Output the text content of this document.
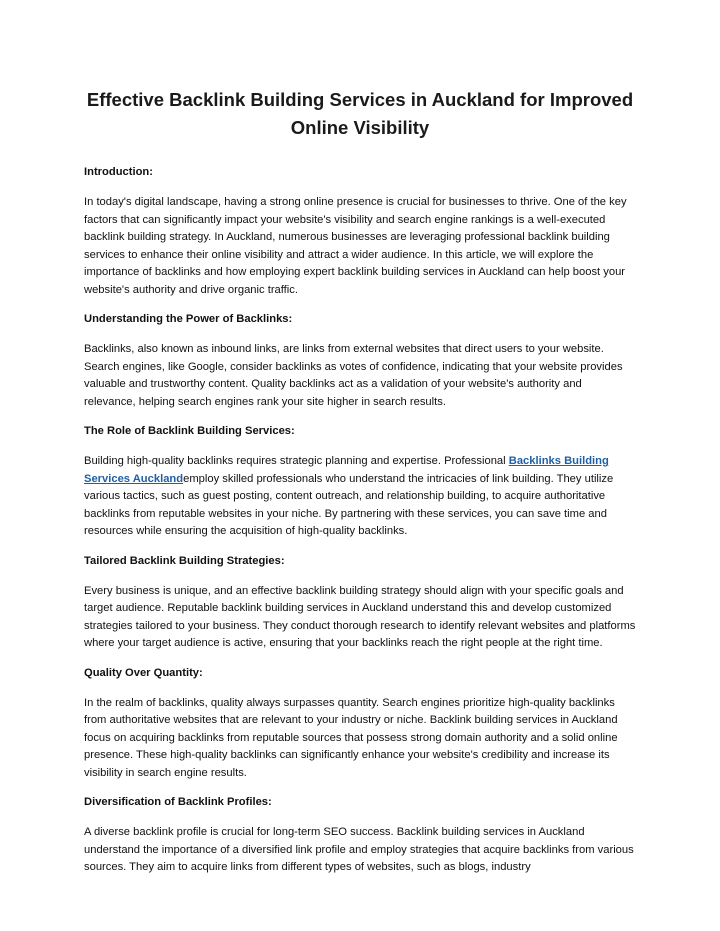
Effective Backlink Building Services in Auckland for Improved Online Visibility
Introduction:
In today's digital landscape, having a strong online presence is crucial for businesses to thrive. One of the key factors that can significantly impact your website's visibility and search engine rankings is a well-executed backlink building strategy. In Auckland, numerous businesses are leveraging professional backlink building services to enhance their online visibility and attract a wider audience. In this article, we will explore the importance of backlinks and how employing expert backlink building services in Auckland can help boost your website's authority and drive organic traffic.
Understanding the Power of Backlinks:
Backlinks, also known as inbound links, are links from external websites that direct users to your website. Search engines, like Google, consider backlinks as votes of confidence, indicating that your website provides valuable and trustworthy content. Quality backlinks act as a validation of your website's authority and relevance, helping search engines rank your site higher in search results.
The Role of Backlink Building Services:
Building high-quality backlinks requires strategic planning and expertise. Professional Backlinks Building Services Aucklandemploy skilled professionals who understand the intricacies of link building. They utilize various tactics, such as guest posting, content outreach, and relationship building, to acquire authoritative backlinks from reputable websites in your niche. By partnering with these services, you can save time and resources while ensuring the acquisition of high-quality backlinks.
Tailored Backlink Building Strategies:
Every business is unique, and an effective backlink building strategy should align with your specific goals and target audience. Reputable backlink building services in Auckland understand this and develop customized strategies tailored to your business. They conduct thorough research to identify relevant websites and platforms where your target audience is active, ensuring that your backlinks reach the right people at the right time.
Quality Over Quantity:
In the realm of backlinks, quality always surpasses quantity. Search engines prioritize high-quality backlinks from authoritative websites that are relevant to your industry or niche. Backlink building services in Auckland focus on acquiring backlinks from reputable sources that possess strong domain authority and a solid online presence. These high-quality backlinks can significantly enhance your website's credibility and increase its visibility in search engine results.
Diversification of Backlink Profiles:
A diverse backlink profile is crucial for long-term SEO success. Backlink building services in Auckland understand the importance of a diversified link profile and employ strategies that acquire backlinks from various sources. They aim to acquire links from different types of websites, such as blogs, industry
